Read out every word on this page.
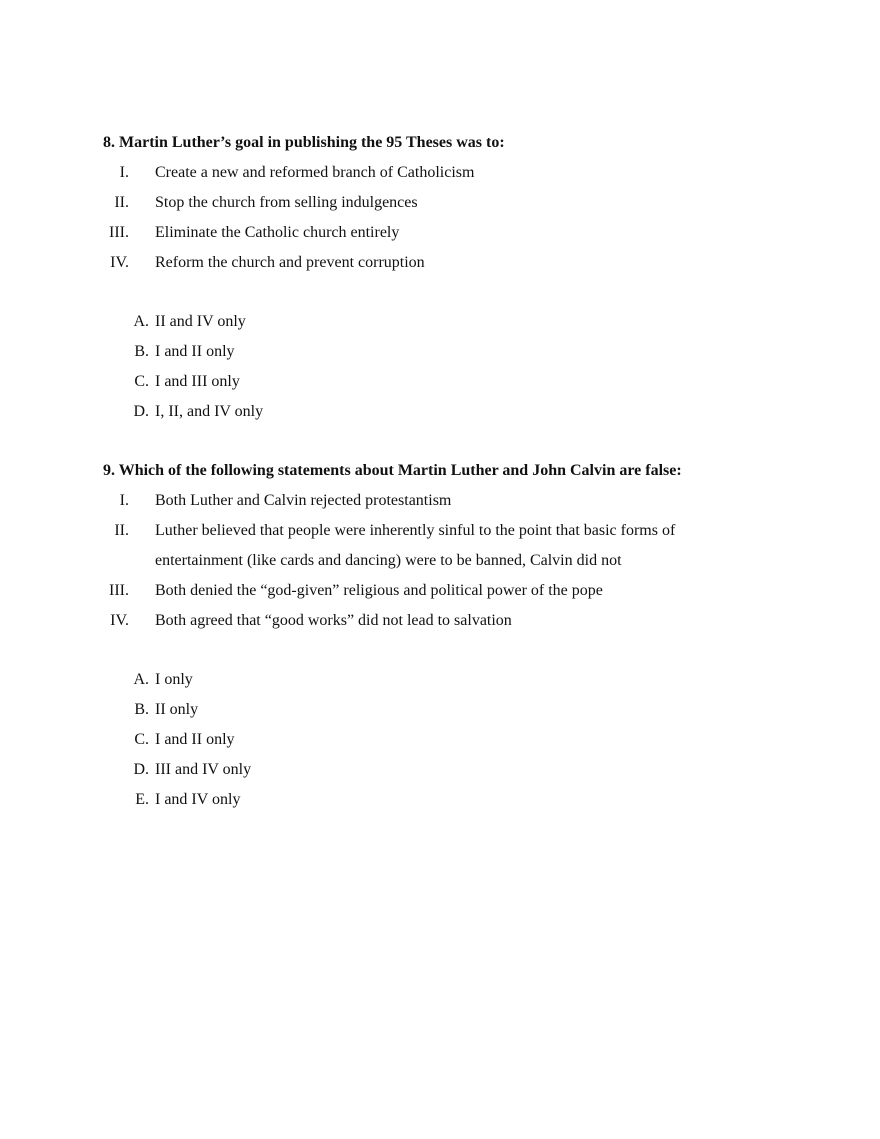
8. Martin Luther’s goal in publishing the 95 Theses was to:
I. Create a new and reformed branch of Catholicism
II. Stop the church from selling indulgences
III. Eliminate the Catholic church entirely
IV. Reform the church and prevent corruption
A. II and IV only
B. I and II only
C. I and III only
D. I, II, and IV only
9. Which of the following statements about Martin Luther and John Calvin are false:
I. Both Luther and Calvin rejected protestantism
II. Luther believed that people were inherently sinful to the point that basic forms of entertainment (like cards and dancing) were to be banned, Calvin did not
III. Both denied the “god-given” religious and political power of the pope
IV. Both agreed that “good works” did not lead to salvation
A. I only
B. II only
C. I and II only
D. III and IV only
E. I and IV only
